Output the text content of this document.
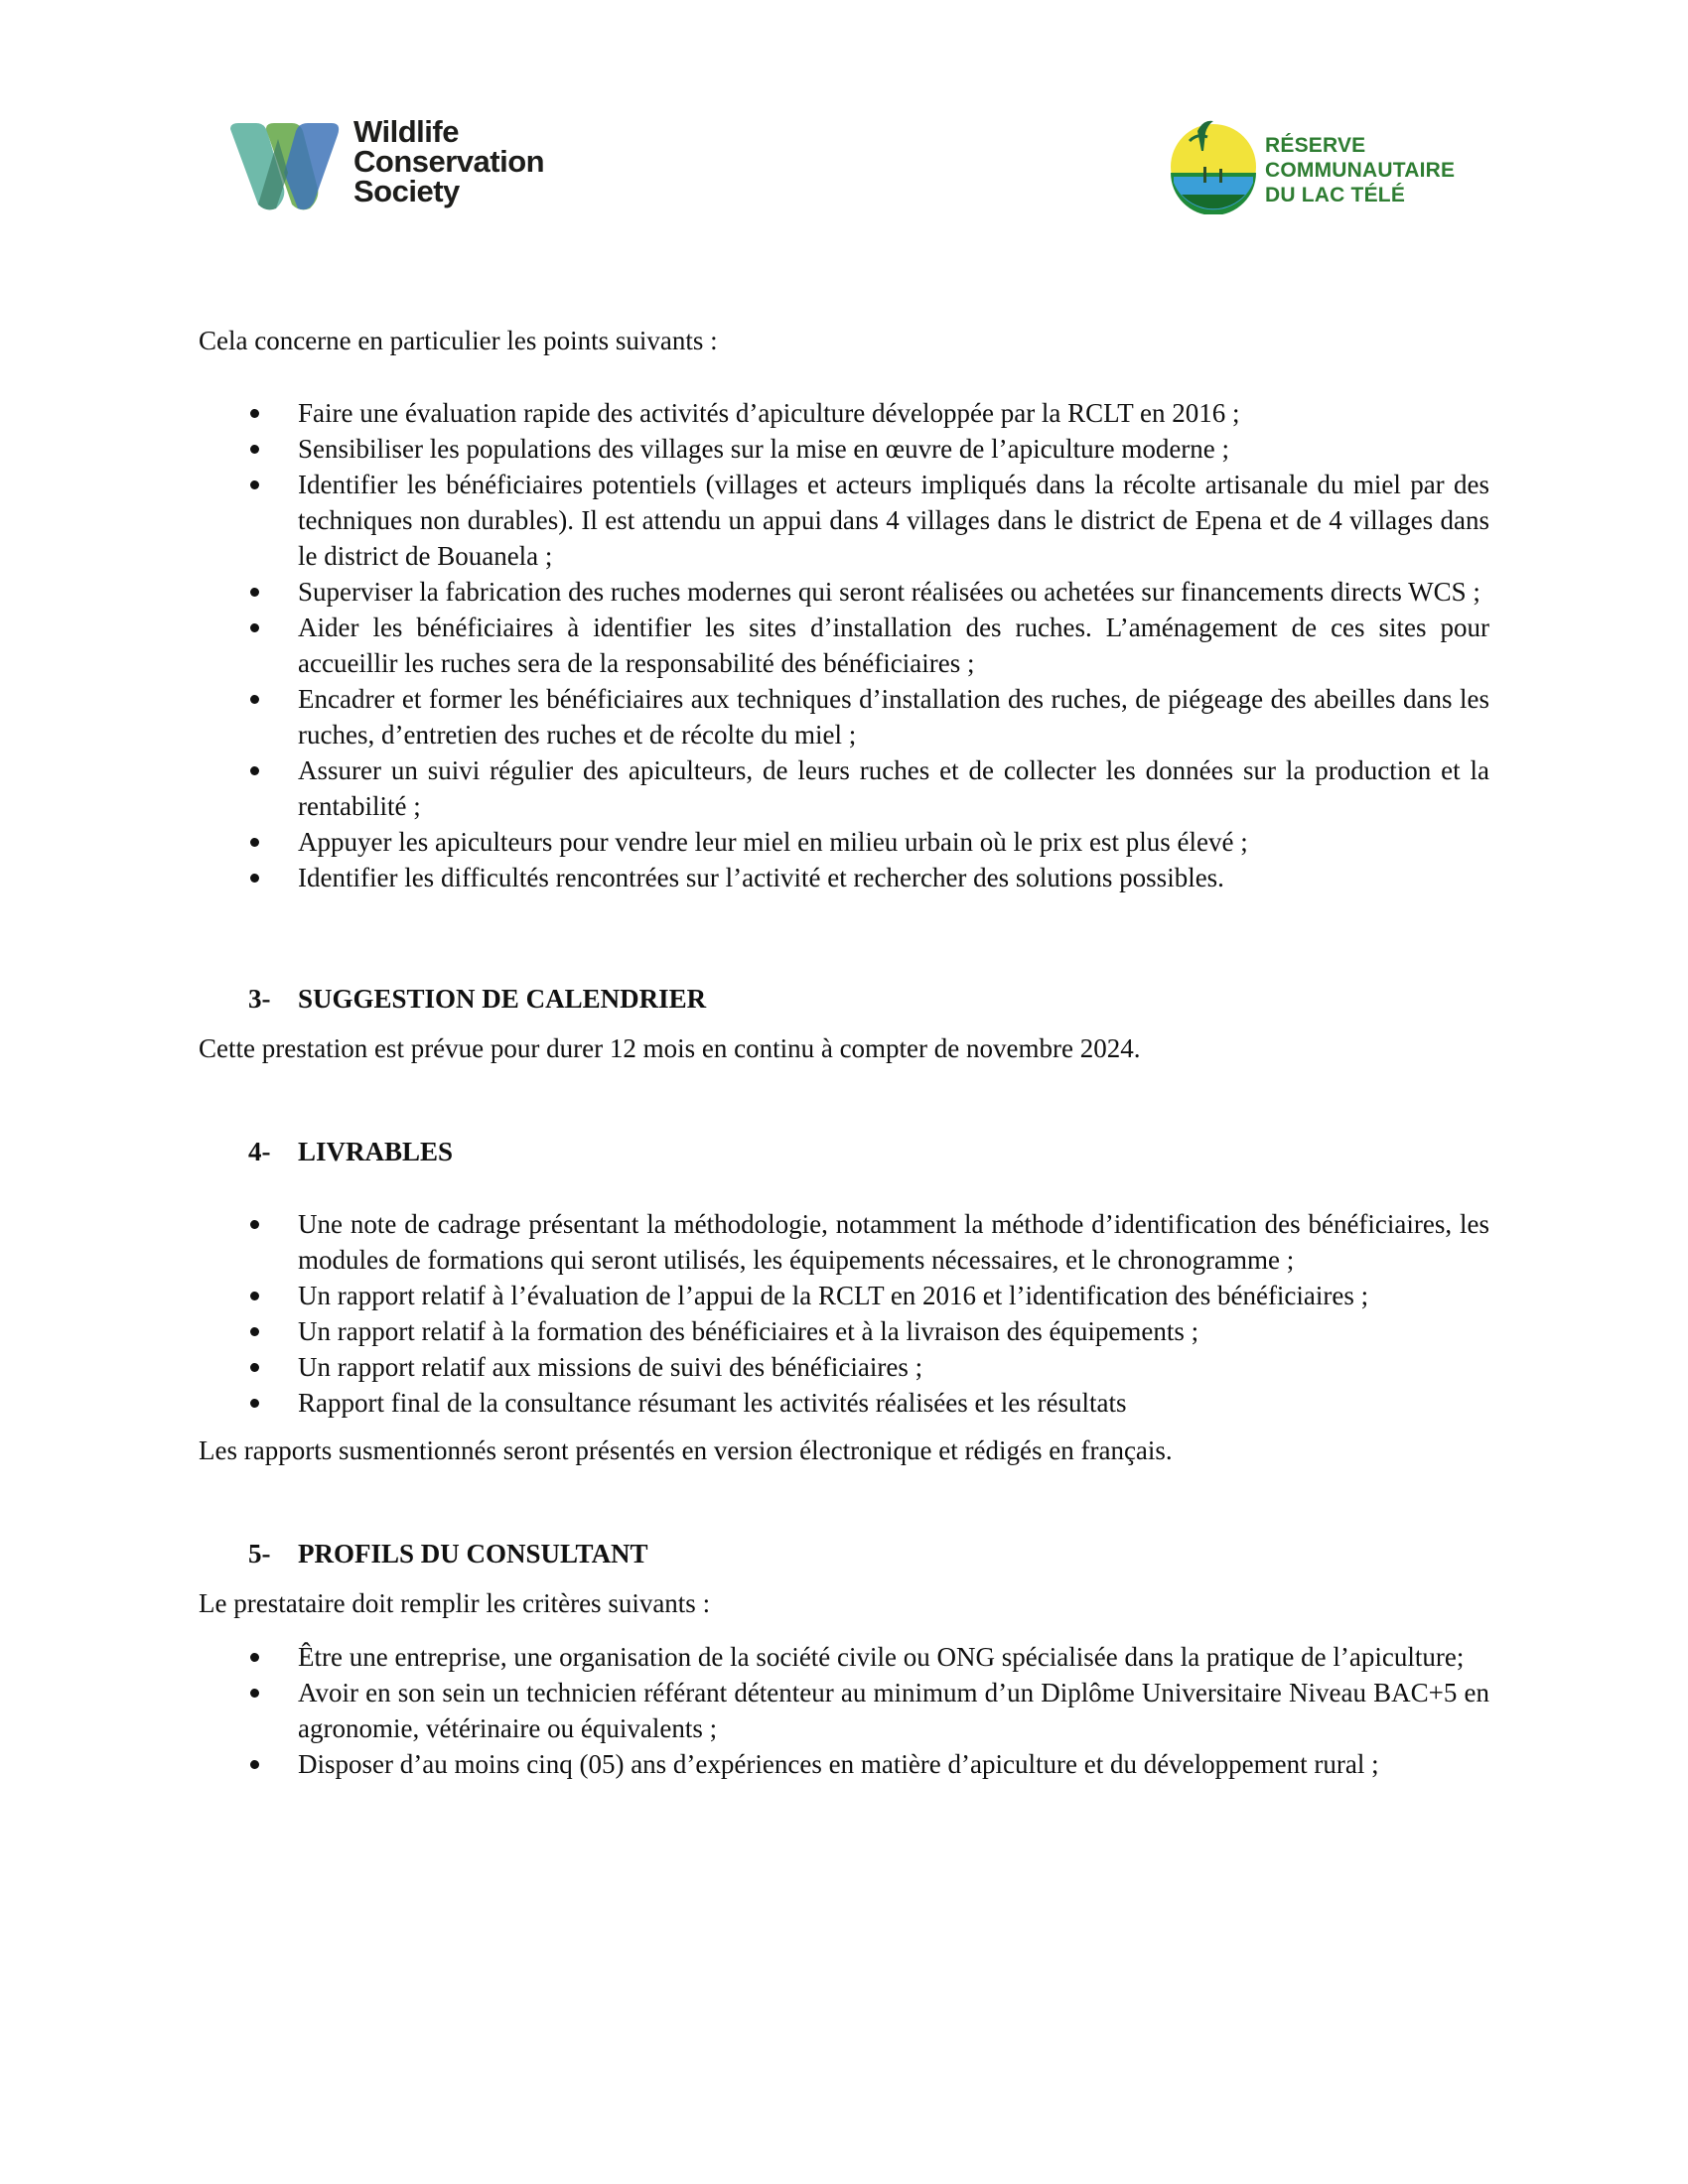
Wildlife
Conservation
Society
RÉSERVE
COMMUNAUTAIRE
DU LAC TÉLÉ

Cela concerne en particulier les points suivants :

Faire une évaluation rapide des activités d’apiculture développée par la RCLT en 2016 ;
Sensibiliser les populations des villages sur la mise en œuvre de l’apiculture moderne ;
Identifier les bénéficiaires potentiels (villages et acteurs impliqués dans la récolte artisanale du miel par des techniques non durables). Il est attendu un appui dans 4 villages dans le district de Epena et de 4 villages dans le district de Bouanela ;
Superviser la fabrication des ruches modernes qui seront réalisées ou achetées sur financements directs WCS ;
Aider les bénéficiaires à identifier les sites d’installation des ruches. L’aménagement de ces sites pour accueillir les ruches sera de la responsabilité des bénéficiaires ;
Encadrer et former les bénéficiaires aux techniques d’installation des ruches, de piégeage des abeilles dans les ruches, d’entretien des ruches et de récolte du miel ;
Assurer un suivi régulier des apiculteurs, de leurs ruches et de collecter les données sur la production et la rentabilité ;
Appuyer les apiculteurs pour vendre leur miel en milieu urbain où le prix est plus élevé ;
Identifier les difficultés rencontrées sur l’activité et rechercher des solutions possibles.
3- SUGGESTION DE CALENDRIER

Cette prestation est prévue pour durer 12 mois en continu à compter de novembre 2024.

4- LIVRABLES
Une note de cadrage présentant la méthodologie, notamment la méthode d’identification des bénéficiaires, les modules de formations qui seront utilisés, les équipements nécessaires, et le chronogramme ;
Un rapport relatif à l’évaluation de l’appui de la RCLT en 2016 et l’identification des bénéficiaires ;
Un rapport relatif à la formation des bénéficiaires et à la livraison des équipements ;
Un rapport relatif aux missions de suivi des bénéficiaires ;
Rapport final de la consultance résumant les activités réalisées et les résultats

Les rapports susmentionnés seront présentés en version électronique et rédigés en français.

5- PROFILS DU CONSULTANT

Le prestataire doit remplir les critères suivants :

Être une entreprise, une organisation de la société civile ou ONG spécialisée dans la pratique de l’apiculture;
Avoir en son sein un technicien référant détenteur au minimum d’un Diplôme Universitaire Niveau BAC+5 en agronomie, vétérinaire ou équivalents ;
Disposer d’au moins cinq (05) ans d’expériences en matière d’apiculture et du développement rural ;
